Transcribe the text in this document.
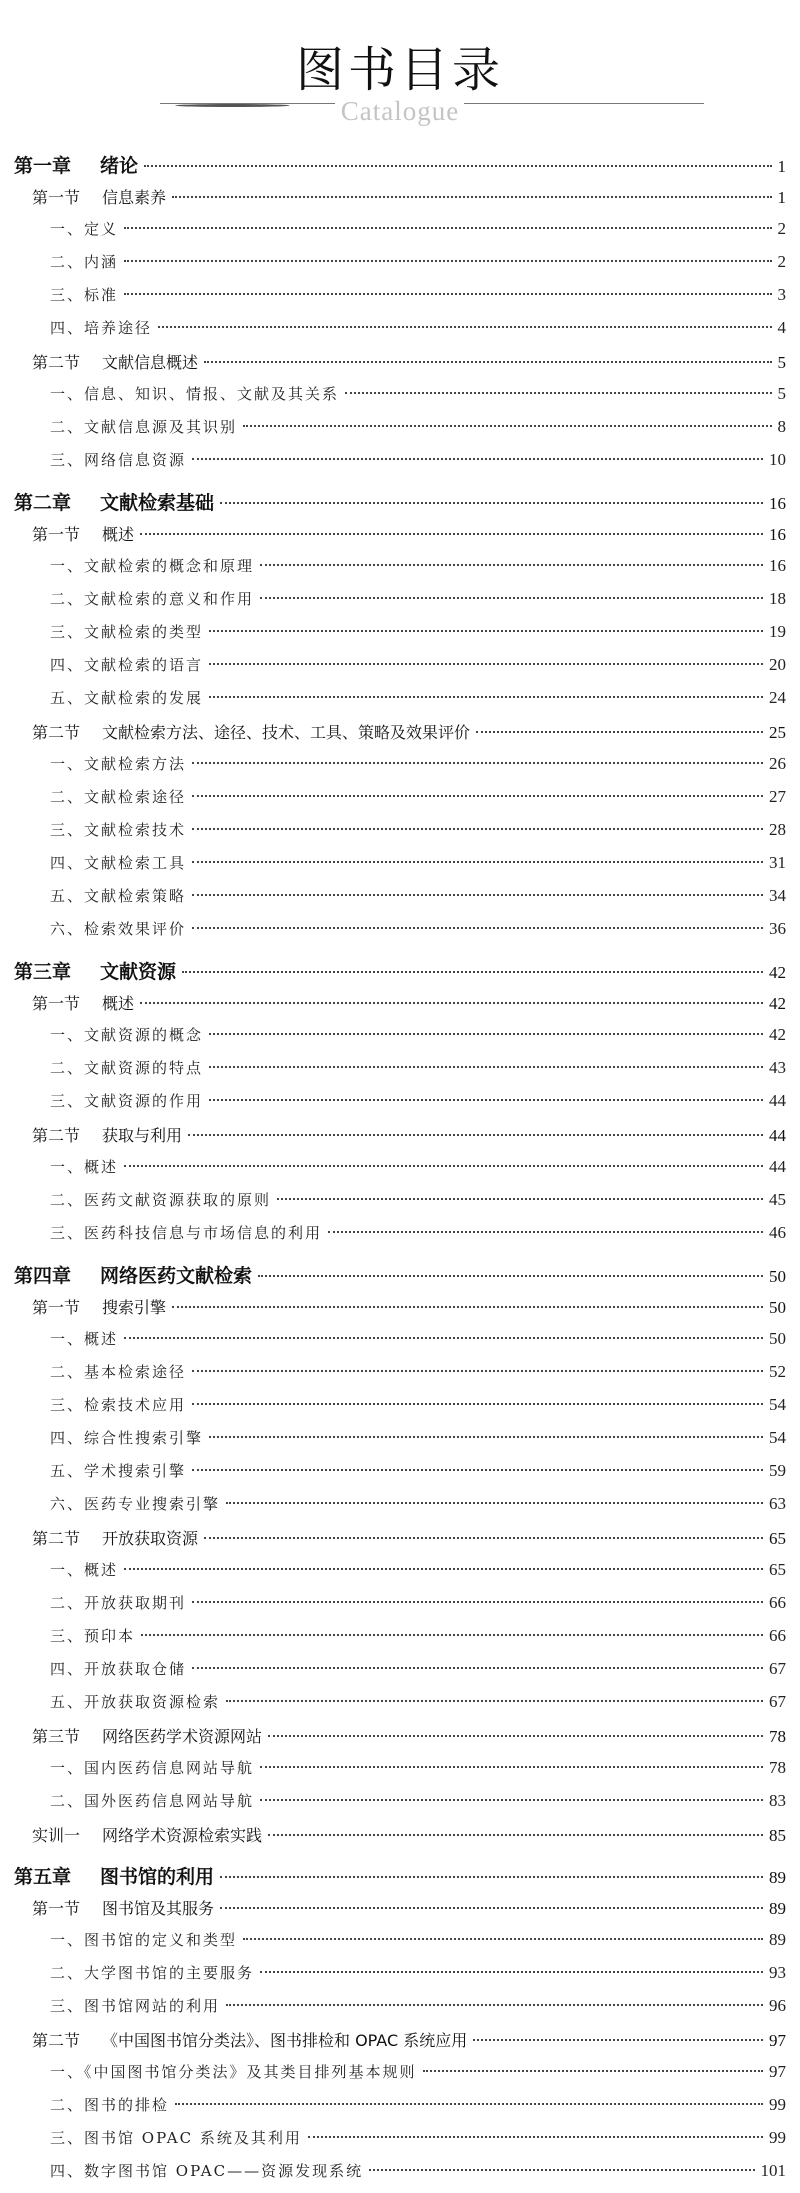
图书目录
Catalogue
第一章 绪论	1
第一节 信息素养	1
一、定义	2
二、内涵	2
三、标准	3
四、培养途径	4
第二节 文献信息概述	5
一、信息、知识、情报、文献及其关系	5
二、文献信息源及其识别	8
三、网络信息资源	10
第二章 文献检索基础	16
第一节 概述	16
一、文献检索的概念和原理	16
二、文献检索的意义和作用	18
三、文献检索的类型	19
四、文献检索的语言	20
五、文献检索的发展	24
第二节 文献检索方法、途径、技术、工具、策略及效果评价	25
一、文献检索方法	26
二、文献检索途径	27
三、文献检索技术	28
四、文献检索工具	31
五、文献检索策略	34
六、检索效果评价	36
第三章 文献资源	42
第一节 概述	42
一、文献资源的概念	42
二、文献资源的特点	43
三、文献资源的作用	44
第二节 获取与利用	44
一、概述	44
二、医药文献资源获取的原则	45
三、医药科技信息与市场信息的利用	46
第四章 网络医药文献检索	50
第一节 搜索引擎	50
一、概述	50
二、基本检索途径	52
三、检索技术应用	54
四、综合性搜索引擎	54
五、学术搜索引擎	59
六、医药专业搜索引擎	63
第二节 开放获取资源	65
一、概述	65
二、开放获取期刊	66
三、预印本	66
四、开放获取仓储	67
五、开放获取资源检索	67
第三节 网络医药学术资源网站	78
一、国内医药信息网站导航	78
二、国外医药信息网站导航	83
实训一 网络学术资源检索实践	85
第五章 图书馆的利用	89
第一节 图书馆及其服务	89
一、图书馆的定义和类型	89
二、大学图书馆的主要服务	93
三、图书馆网站的利用	96
第二节 《中国图书馆分类法》、图书排检和 OPAC 系统应用	97
一、《中国图书馆分类法》及其类目排列基本规则	97
二、图书的排检	99
三、图书馆 OPAC 系统及其利用	99
四、数字图书馆 OPAC——资源发现系统	101
